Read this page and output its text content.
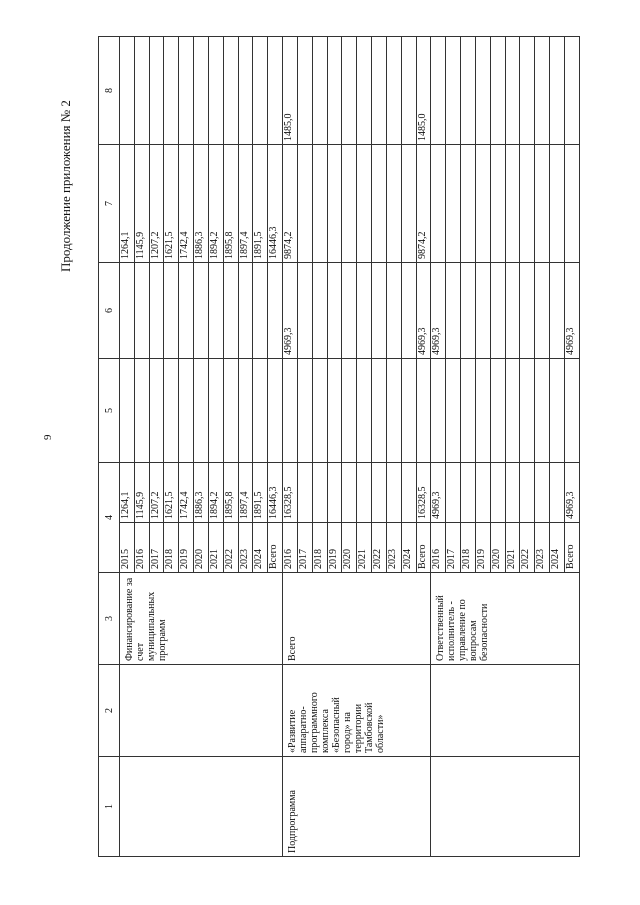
9
Продолжение приложения № 2
1	2	3	4		5	6	7	8
		Финансирование за счет муниципальных программ	2015	1264,1			1264,1	
			2016	1145,9			1145,9	
			2017	1207,2			1207,2	
			2018	1621,5			1621,5	
			2019	1742,4			1742,4	
			2020	1886,3			1886,3	
			2021	1894,2			1894,2	
			2022	1895,8			1895,8	
			2023	1897,4			1897,4	
			2024	1891,5			1891,5	
			Всего	16446,3			16446,3	
Подпрограмма	«Развитие аппаратно-программного комплекса «Безопасный город» на территории Тамбовской области»	Всего	2016	16328,5		4969,3	9874,2	1485,0
			2017					
			2018					
			2019					
			2020					
			2021					
			2022					
			2023					
			2024					
			Всего	16328,5		4969,3	9874,2	1485,0
		Ответственный исполнитель - управление по вопросам безопасности	2016	4969,3		4969,3		
			2017					
			2018					
			2019					
			2020					
			2021					
			2022					
			2023					
			2024					
			Всего	4969,3		4969,3		
